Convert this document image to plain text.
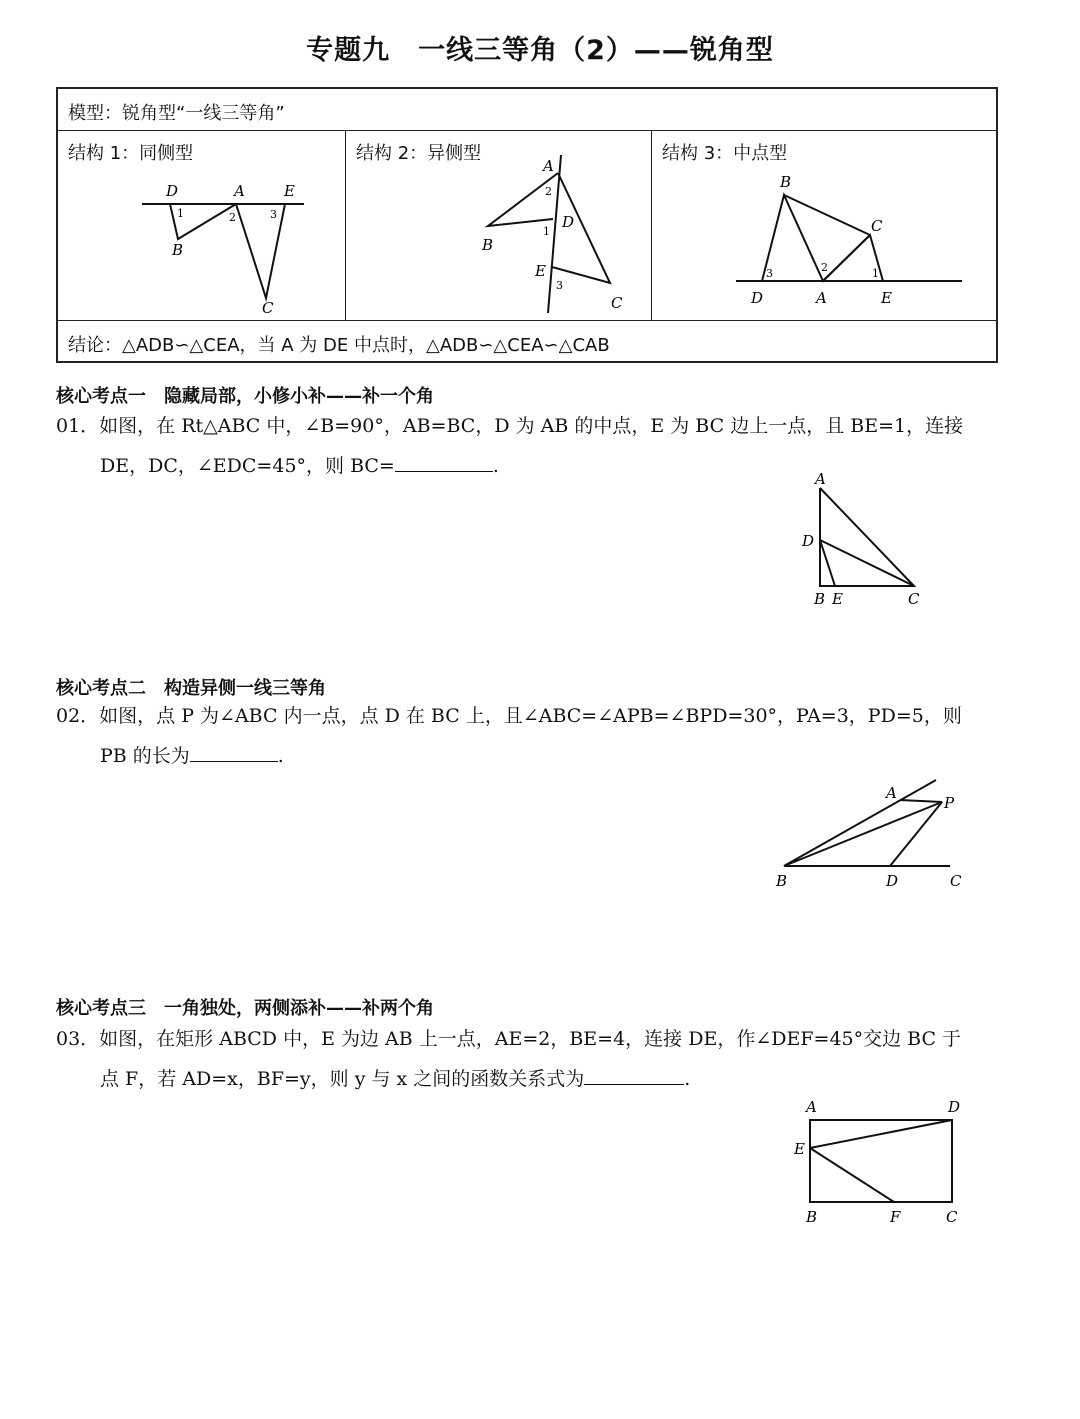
专题九　一线三等角（2）——锐角型
模型：锐角型“一线三等角”
结构 1：同侧型
D	A	E
B
C
1	2	3
结构 2：异侧型
A
D
B
E
C
2
1
3
结构 3：中点型
B
C
D	A	E
3	2	1
结论：△ADB∽△CEA，当 A 为 DE 中点时，△ADB∽△CEA∽△CAB
核心考点一　隐藏局部，小修小补——补一个角
01．如图，在 Rt△ABC 中，∠B=90°，AB=BC，D 为 AB 的中点，E 为 BC 边上一点，且 BE=1，连接
DE，DC，∠EDC=45°，则 BC=	.
A
D
B E	C
核心考点二　构造异侧一线三等角
02．如图，点 P 为∠ABC 内一点，点 D 在 BC 上，且∠ABC=∠APB=∠BPD=30°，PA=3，PD=5，则
PB 的长为	.
A
P
B	D	C
核心考点三　一角独处，两侧添补——补两个角
03．如图，在矩形 ABCD 中，E 为边 AB 上一点，AE=2，BE=4，连接 DE，作∠DEF=45°交边 BC 于
点 F，若 AD=x，BF=y，则 y 与 x 之间的函数关系式为	.
A	D
E
B	F	C
